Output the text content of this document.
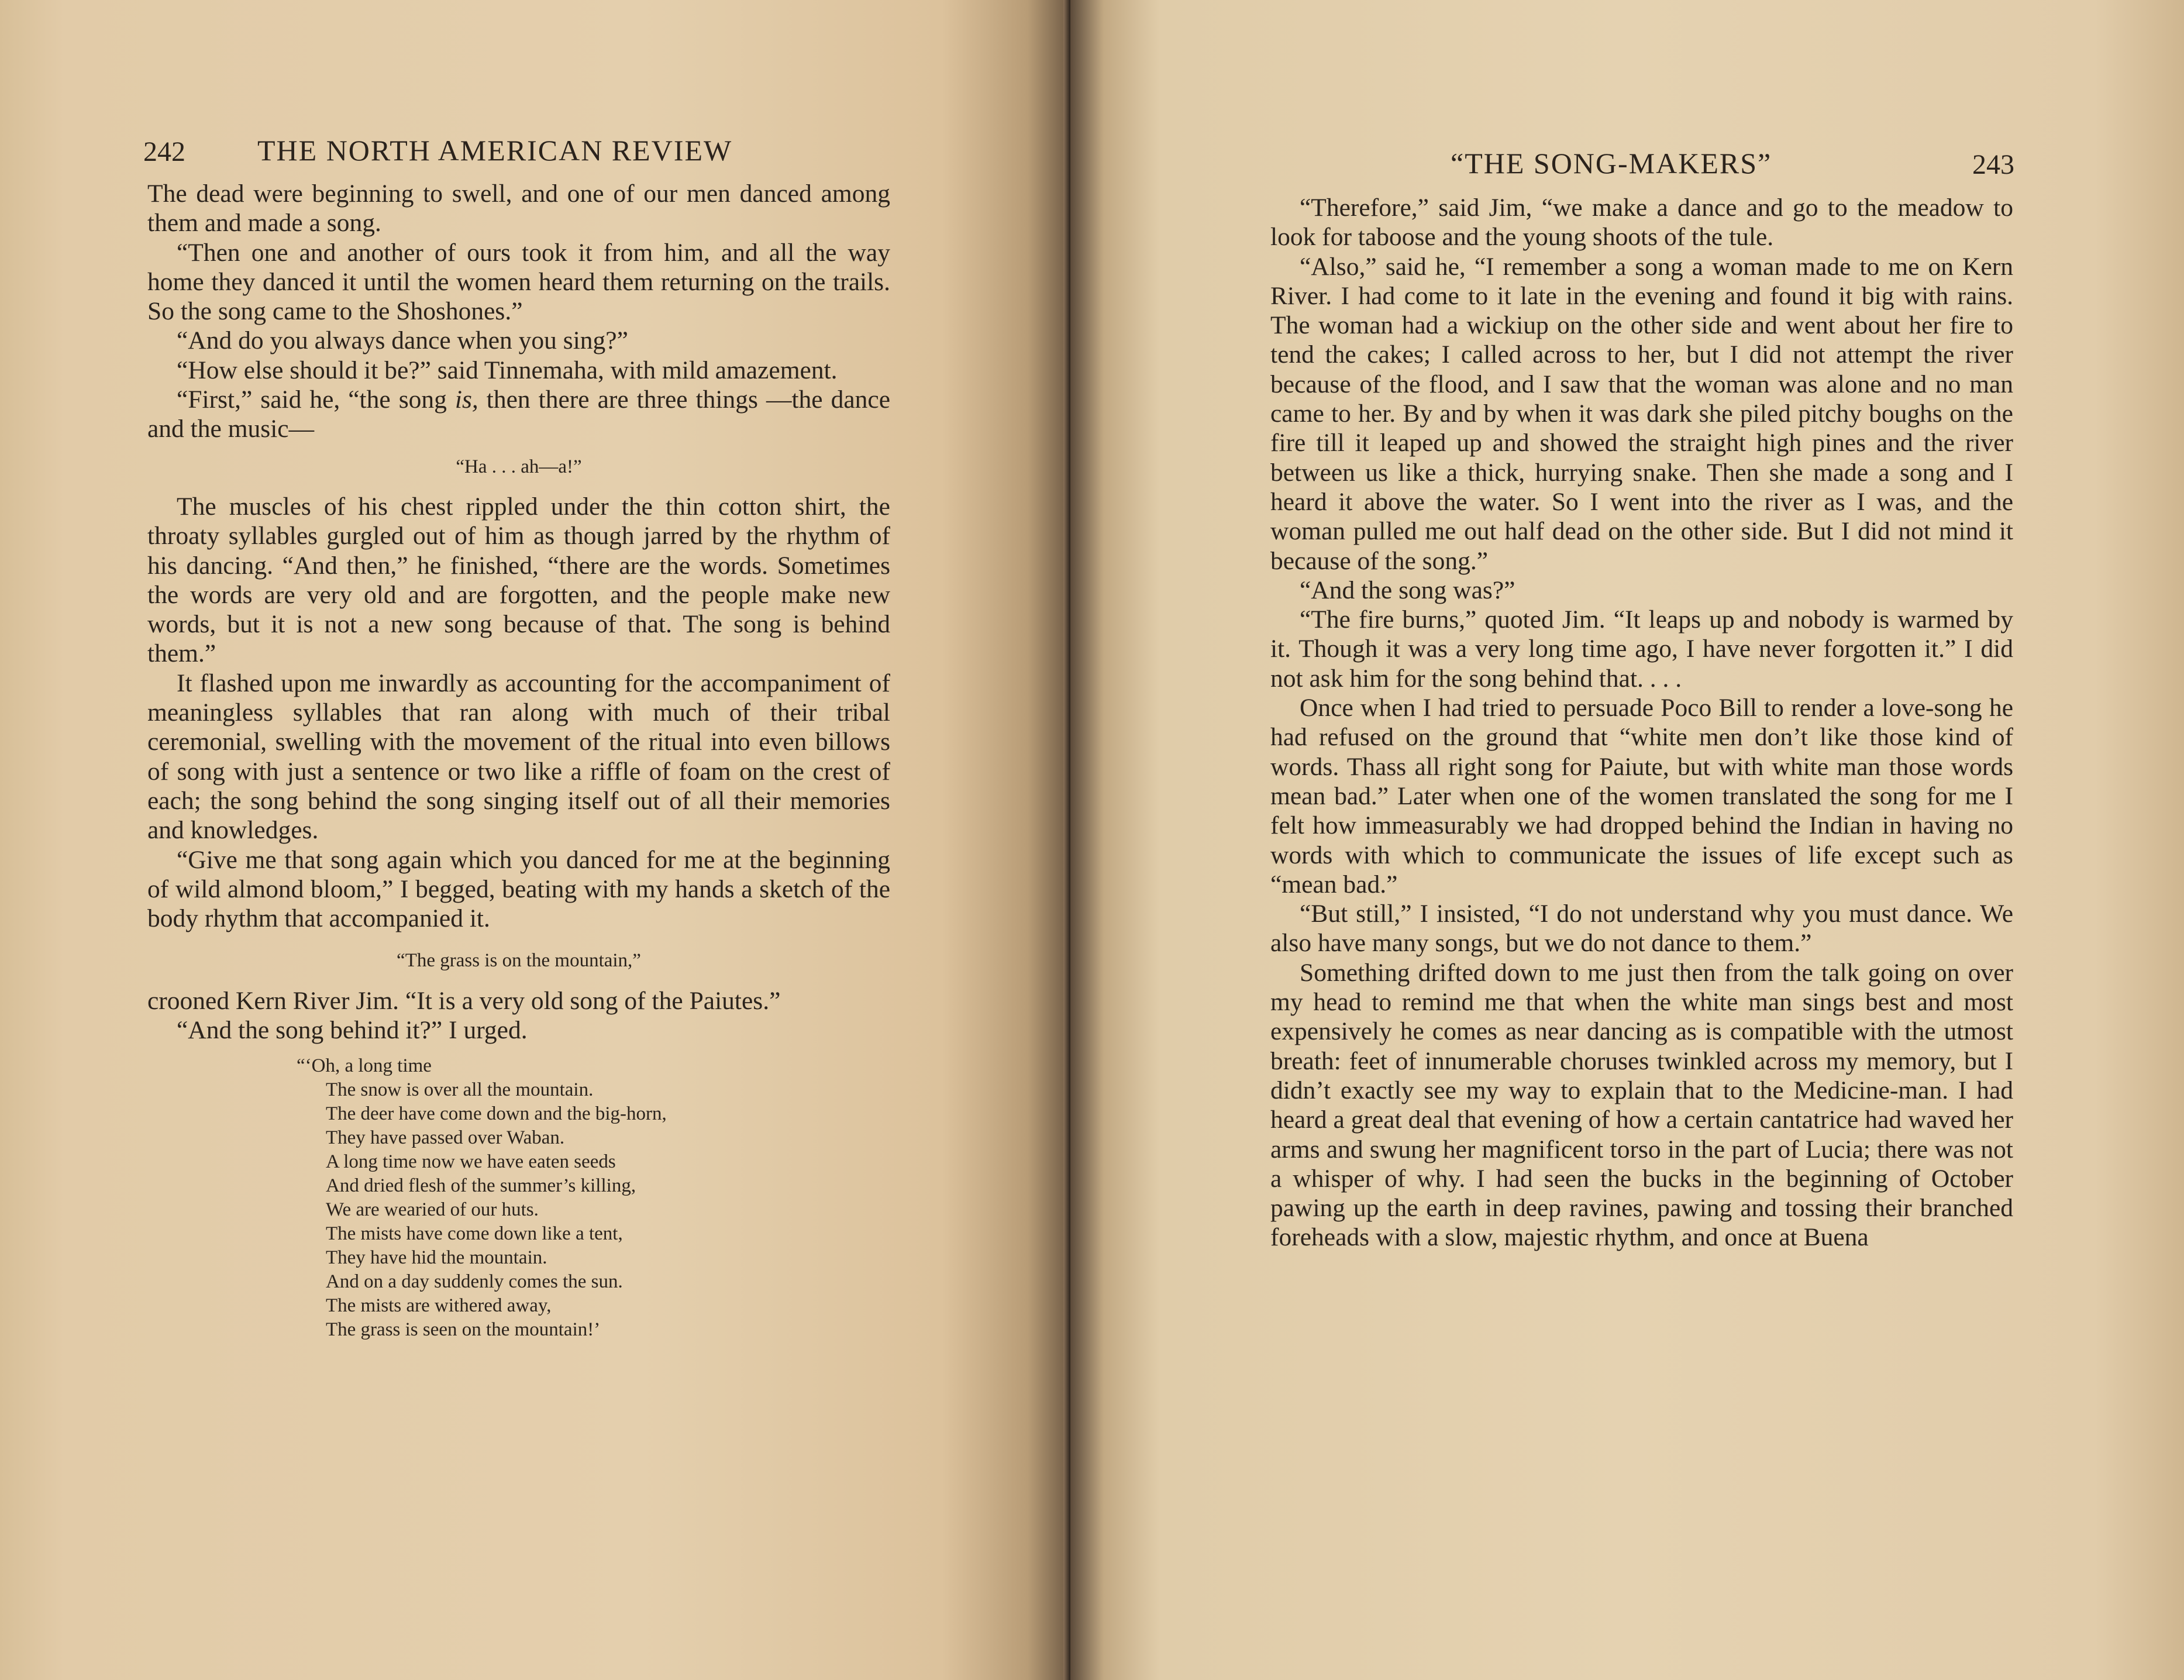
242 THE NORTH AMERICAN REVIEW

The dead were beginning to swell, and one of our men danced among them and made a song.

“Then one and another of ours took it from him, and all the way home they danced it until the women heard them returning on the trails. So the song came to the Shoshones.”

“And do you always dance when you sing?”

“How else should it be?” said Tinnemaha, with mild amazement.

“First,” said he, “the song is, then there are three things —the dance and the music—

“Ha . . . ah—a!”

The muscles of his chest rippled under the thin cotton shirt, the throaty syllables gurgled out of him as though jarred by the rhythm of his dancing. “And then,” he finished, “there are the words. Sometimes the words are very old and are forgotten, and the people make new words, but it is not a new song because of that. The song is behind them.”

It flashed upon me inwardly as accounting for the accompaniment of meaningless syllables that ran along with much of their tribal ceremonial, swelling with the movement of the ritual into even billows of song with just a sentence or two like a riffle of foam on the crest of each; the song behind the song singing itself out of all their memories and knowledges.

“Give me that song again which you danced for me at the beginning of wild almond bloom,” I begged, beating with my hands a sketch of the body rhythm that accompanied it.

“The grass is on the mountain,”

crooned Kern River Jim. “It is a very old song of the Paiutes.”

“And the song behind it?” I urged.

“‘Oh, a long time
The snow is over all the mountain.
The deer have come down and the big-horn,
They have passed over Waban.
A long time now we have eaten seeds
And dried flesh of the summer’s killing,
We are wearied of our huts.
The mists have come down like a tent,
They have hid the mountain.
And on a day suddenly comes the sun.
The mists are withered away,
The grass is seen on the mountain!’
“THE SONG-MAKERS”	243

“Therefore,” said Jim, “we make a dance and go to the meadow to look for taboose and the young shoots of the tule.

“Also,” said he, “I remember a song a woman made to me on Kern River. I had come to it late in the evening and found it big with rains. The woman had a wickiup on the other side and went about her fire to tend the cakes; I called across to her, but I did not attempt the river because of the flood, and I saw that the woman was alone and no man came to her. By and by when it was dark she piled pitchy boughs on the fire till it leaped up and showed the straight high pines and the river between us like a thick, hurrying snake. Then she made a song and I heard it above the water. So I went into the river as I was, and the woman pulled me out half dead on the other side. But I did not mind it because of the song.”

“And the song was?”

“The fire burns,” quoted Jim. “It leaps up and nobody is warmed by it. Though it was a very long time ago, I have never forgotten it.” I did not ask him for the song behind that. . . .

Once when I had tried to persuade Poco Bill to render a love-song he had refused on the ground that “white men don’t like those kind of words. Thass all right song for Paiute, but with white man those words mean bad.” Later when one of the women translated the song for me I felt how immeasurably we had dropped behind the Indian in having no words with which to communicate the issues of life except such as “mean bad.”

“But still,” I insisted, “I do not understand why you must dance. We also have many songs, but we do not dance to them.”

Something drifted down to me just then from the talk going on over my head to remind me that when the white man sings best and most expensively he comes as near dancing as is compatible with the utmost breath: feet of innumerable choruses twinkled across my memory, but I didn’t exactly see my way to explain that to the Medicine-man. I had heard a great deal that evening of how a certain cantatrice had waved her arms and swung her magnificent torso in the part of Lucia; there was not a whisper of why. I had seen the bucks in the beginning of October pawing up the earth in deep ravines, pawing and tossing their branched foreheads with a slow, majestic rhythm, and once at Buena
